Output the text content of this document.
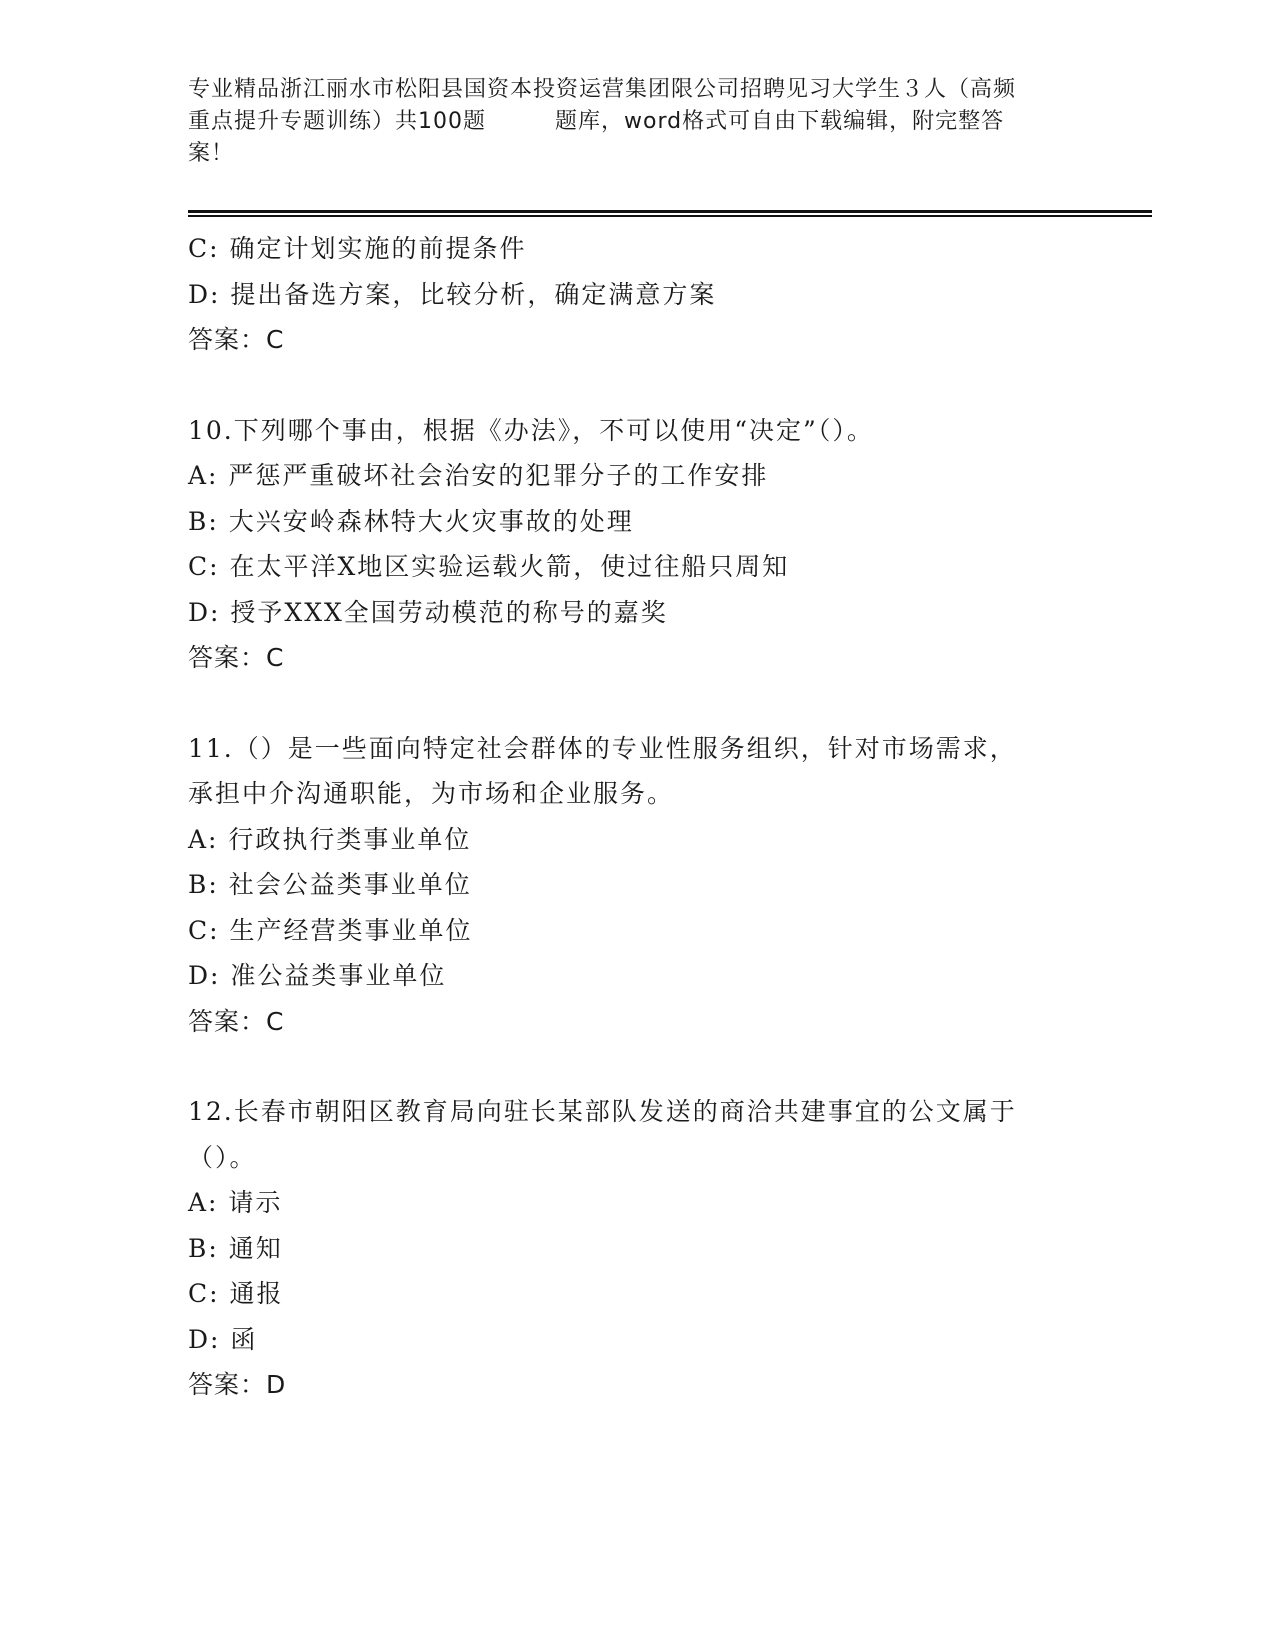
专业精品浙江丽水市松阳县国资本投资运营集团限公司招聘见习大学生３人（高频
重点提升专题训练）共100题　　　题库，word格式可自由下载编辑，附完整答
案！
C: 确定计划实施的前提条件
D: 提出备选方案，比较分析，确定满意方案
答案：C
10.下列哪个事由，根据《办法》，不可以使用“决定”（）。
A: 严惩严重破坏社会治安的犯罪分子的工作安排
B: 大兴安岭森林特大火灾事故的处理
C: 在太平洋X地区实验运载火箭，使过往船只周知
D: 授予XXX全国劳动模范的称号的嘉奖
答案：C
11.（）是一些面向特定社会群体的专业性服务组织，针对市场需求，
承担中介沟通职能，为市场和企业服务。
A: 行政执行类事业单位
B: 社会公益类事业单位
C: 生产经营类事业单位
D: 准公益类事业单位
答案：C
12.长春市朝阳区教育局向驻长某部队发送的商洽共建事宜的公文属于
（）。
A: 请示
B: 通知
C: 通报
D: 函
答案：D
